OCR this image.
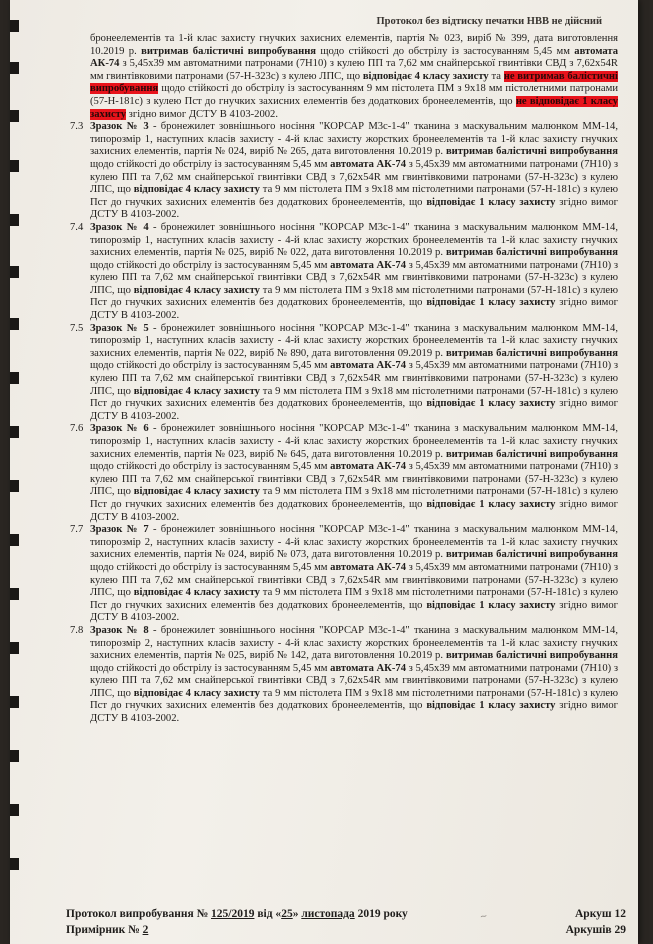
Протокол без відтиску печатки НВВ не дійсний
бронеелементів та 1-й клас захисту гнучких захисних елементів, партія № 023, виріб № 399, дата виготовлення 10.2019 р. витримав балістичні випробування щодо стійкості до обстрілу із застосуванням 5,45 мм автомата АК-74 з 5,45х39 мм автоматними патронами (7Н10) з кулею ПП та 7,62 мм снайперської гвинтівки СВД з 7,62х54R мм гвинтівковими патронами (57-Н-323с) з кулею ЛПС, що відповідає 4 класу захисту та не витримав балістичні випробування щодо стійкості до обстрілу із застосуванням 9 мм пістолета ПМ з 9х18 мм пістолетними патронами (57-Н-181с) з кулею Пст до гнучких захисних елементів без додаткових бронеелементів, що не відповідає 1 класу захисту згідно вимог ДСТУ В 4103-2002.
7.3 Зразок № 3 - бронежилет зовнішнього носіння "КОРСАР М3с-1-4" тканина з маскувальним малюнком ММ-14, типорозмір 1, наступних класів захисту - 4-й клас захисту жорстких бронеелементів та 1-й клас захисту гнучких захисних елементів, партія № 024, виріб № 265, дата виготовлення 10.2019 р. витримав балістичні випробування щодо стійкості до обстрілу із застосуванням 5,45 мм автомата АК-74 з 5,45х39 мм автоматними патронами (7Н10) з кулею ПП та 7,62 мм снайперської гвинтівки СВД з 7,62х54R мм гвинтівковими патронами (57-Н-323с) з кулею ЛПС, що відповідає 4 класу захисту та 9 мм пістолета ПМ з 9х18 мм пістолетними патронами (57-Н-181с) з кулею Пст до гнучких захисних елементів без додаткових бронеелементів, що відповідає 1 класу захисту згідно вимог ДСТУ В 4103-2002.
7.4 Зразок № 4 - бронежилет зовнішнього носіння "КОРСАР М3с-1-4" тканина з маскувальним малюнком ММ-14, типорозмір 1, наступних класів захисту - 4-й клас захисту жорстких бронеелементів та 1-й клас захисту гнучких захисних елементів, партія № 025, виріб № 022, дата виготовлення 10.2019 р. витримав балістичні випробування щодо стійкості до обстрілу із застосуванням 5,45 мм автомата АК-74 з 5,45х39 мм автоматними патронами (7Н10) з кулею ПП та 7,62 мм снайперської гвинтівки СВД з 7,62х54R мм гвинтівковими патронами (57-Н-323с) з кулею ЛПС, що відповідає 4 класу захисту та 9 мм пістолета ПМ з 9х18 мм пістолетними патронами (57-Н-181с) з кулею Пст до гнучких захисних елементів без додаткових бронеелементів, що відповідає 1 класу захисту згідно вимог ДСТУ В 4103-2002.
7.5 Зразок № 5 - бронежилет зовнішнього носіння "КОРСАР М3с-1-4" тканина з маскувальним малюнком ММ-14, типорозмір 1, наступних класів захисту - 4-й клас захисту жорстких бронеелементів та 1-й клас захисту гнучких захисних елементів, партія № 022, виріб № 890, дата виготовлення 09.2019 р. витримав балістичні випробування щодо стійкості до обстрілу із застосуванням 5,45 мм автомата АК-74 з 5,45х39 мм автоматними патронами (7Н10) з кулею ПП та 7,62 мм снайперської гвинтівки СВД з 7,62х54R мм гвинтівковими патронами (57-Н-323с) з кулею ЛПС, що відповідає 4 класу захисту та 9 мм пістолета ПМ з 9х18 мм пістолетними патронами (57-Н-181с) з кулею Пст до гнучких захисних елементів без додаткових бронеелементів, що відповідає 1 класу захисту згідно вимог ДСТУ В 4103-2002.
7.6 Зразок № 6 - бронежилет зовнішнього носіння "КОРСАР М3с-1-4" тканина з маскувальним малюнком ММ-14, типорозмір 1, наступних класів захисту - 4-й клас захисту жорстких бронеелементів та 1-й клас захисту гнучких захисних елементів, партія № 023, виріб № 645, дата виготовлення 10.2019 р. витримав балістичні випробування щодо стійкості до обстрілу із застосуванням 5,45 мм автомата АК-74 з 5,45х39 мм автоматними патронами (7Н10) з кулею ПП та 7,62 мм снайперської гвинтівки СВД з 7,62х54R мм гвинтівковими патронами (57-Н-323с) з кулею ЛПС, що відповідає 4 класу захисту та 9 мм пістолета ПМ з 9х18 мм пістолетними патронами (57-Н-181с) з кулею Пст до гнучких захисних елементів без додаткових бронеелементів, що відповідає 1 класу захисту згідно вимог ДСТУ В 4103-2002.
7.7 Зразок № 7 - бронежилет зовнішнього носіння "КОРСАР М3с-1-4" тканина з маскувальним малюнком ММ-14, типорозмір 2, наступних класів захисту - 4-й клас захисту жорстких бронеелементів та 1-й клас захисту гнучких захисних елементів, партія № 024, виріб № 073, дата виготовлення 10.2019 р. витримав балістичні випробування щодо стійкості до обстрілу із застосуванням 5,45 мм автомата АК-74 з 5,45х39 мм автоматними патронами (7Н10) з кулею ПП та 7,62 мм снайперської гвинтівки СВД з 7,62х54R мм гвинтівковими патронами (57-Н-323с) з кулею ЛПС, що відповідає 4 класу захисту та 9 мм пістолета ПМ з 9х18 мм пістолетними патронами (57-Н-181с) з кулею Пст до гнучких захисних елементів без додаткових бронеелементів, що відповідає 1 класу захисту згідно вимог ДСТУ В 4103-2002.
7.8 Зразок № 8 - бронежилет зовнішнього носіння "КОРСАР М3с-1-4" тканина з маскувальним малюнком ММ-14, типорозмір 2, наступних класів захисту - 4-й клас захисту жорстких бронеелементів та 1-й клас захисту гнучких захисних елементів, партія № 025, виріб № 142, дата виготовлення 10.2019 р. витримав балістичні випробування щодо стійкості до обстрілу із застосуванням 5,45 мм автомата АК-74 з 5,45х39 мм автоматними патронами (7Н10) з кулею ПП та 7,62 мм снайперської гвинтівки СВД з 7,62х54R мм гвинтівковими патронами (57-Н-323с) з кулею ЛПС, що відповідає 4 класу захисту та 9 мм пістолета ПМ з 9х18 мм пістолетними патронами (57-Н-181с) з кулею Пст до гнучких захисних елементів без додаткових бронеелементів, що відповідає 1 класу захисту згідно вимог ДСТУ В 4103-2002.
Протокол випробування № 125/2019 від «25» листопада 2019 року
Примірник № 2
Аркуш 12
Аркушів 29
~
